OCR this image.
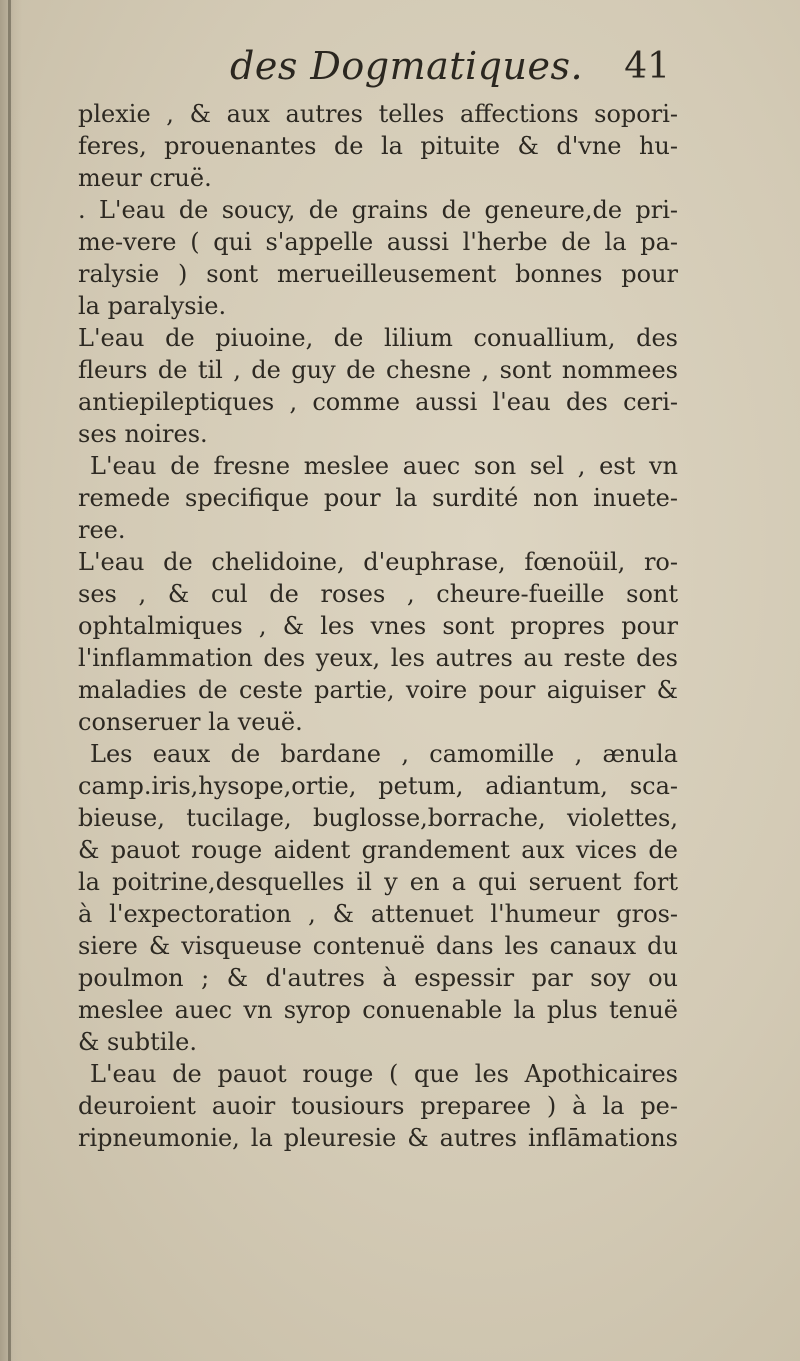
des Dogmatiques. 41
plexie , & aux autres telles affections sopori-
feres, prouenantes de la pituite & d'vne hu-
meur cruë.
. L'eau de soucy, de grains de geneure,de pri-
me-vere ( qui s'appelle aussi l'herbe de la pa-
ralysie ) sont merueilleusement bonnes pour
la paralysie.
L'eau de piuoine, de lilium conuallium, des
fleurs de til , de guy de chesne , sont nommees
antiepileptiques , comme aussi l'eau des ceri-
ses noires.
L'eau de fresne meslee auec son sel , est vn
remede specifique pour la surdité non inuete-
ree.
L'eau de chelidoine, d'euphrase, fœnoüil, ro-
ses , & cul de roses , cheure-fueille sont
ophtalmiques , & les vnes sont propres pour
l'inflammation des yeux, les autres au reste des
maladies de ceste partie, voire pour aiguiser &
conseruer la veuë.
Les eaux de bardane , camomille , ænula
camp.iris,hysope,ortie, petum, adiantum, sca-
bieuse, tucilage, buglosse,borrache, violettes,
& pauot rouge aident grandement aux vices de
la poitrine,desquelles il y en a qui seruent fort
à l'expectoration , & attenuet l'humeur gros-
siere & visqueuse contenuë dans les canaux du
poulmon ; & d'autres à espessir par soy ou
meslee auec vn syrop conuenable la plus tenuë
& subtile.
L'eau de pauot rouge ( que les Apothicaires
deuroient auoir tousiours preparee ) à la pe-
ripneumonie, la pleuresie & autres inflāmations
